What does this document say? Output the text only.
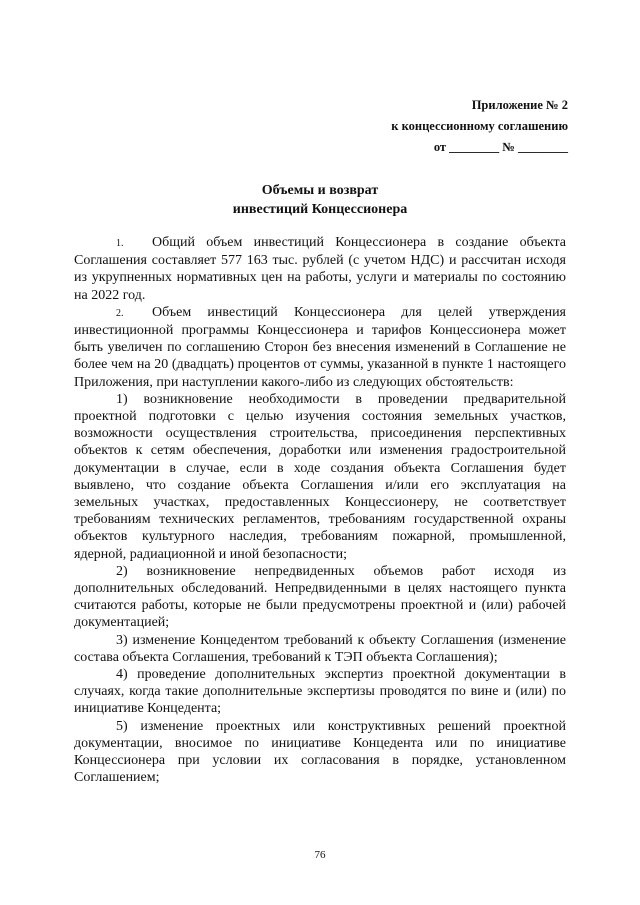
Приложение № 2
к концессионному соглашению
от ________ № ________
Объемы и возврат
инвестиций Концессионера

1. Общий объем инвестиций Концессионера в создание объекта Соглашения составляет 577 163 тыс. рублей (с учетом НДС) и рассчитан исходя из укрупненных нормативных цен на работы, услуги и материалы по состоянию на 2022 год.

2. Объем инвестиций Концессионера для целей утверждения инвестиционной программы Концессионера и тарифов Концессионера может быть увеличен по соглашению Сторон без внесения изменений в Соглашение не более чем на 20 (двадцать) процентов от суммы, указанной в пункте 1 настоящего Приложения, при наступлении какого-либо из следующих обстоятельств:

1) возникновение необходимости в проведении предварительной проектной подготовки с целью изучения состояния земельных участков, возможности осуществления строительства, присоединения перспективных объектов к сетям обеспечения, доработки или изменения градостроительной документации в случае, если в ходе создания объекта Соглашения будет выявлено, что создание объекта Соглашения и/или его эксплуатация на земельных участках, предоставленных Концессионеру, не соответствует требованиям технических регламентов, требованиям государственной охраны объектов культурного наследия, требованиям пожарной, промышленной, ядерной, радиационной и иной безопасности;

2) возникновение непредвиденных объемов работ исходя из дополнительных обследований. Непредвиденными в целях настоящего пункта считаются работы, которые не были предусмотрены проектной и (или) рабочей документацией;

3) изменение Концедентом требований к объекту Соглашения (изменение состава объекта Соглашения, требований к ТЭП объекта Соглашения);

4) проведение дополнительных экспертиз проектной документации в случаях, когда такие дополнительные экспертизы проводятся по вине и (или) по инициативе Концедента;

5) изменение проектных или конструктивных решений проектной документации, вносимое по инициативе Концедента или по инициативе Концессионера при условии их согласования в порядке, установленном Соглашением;

76
